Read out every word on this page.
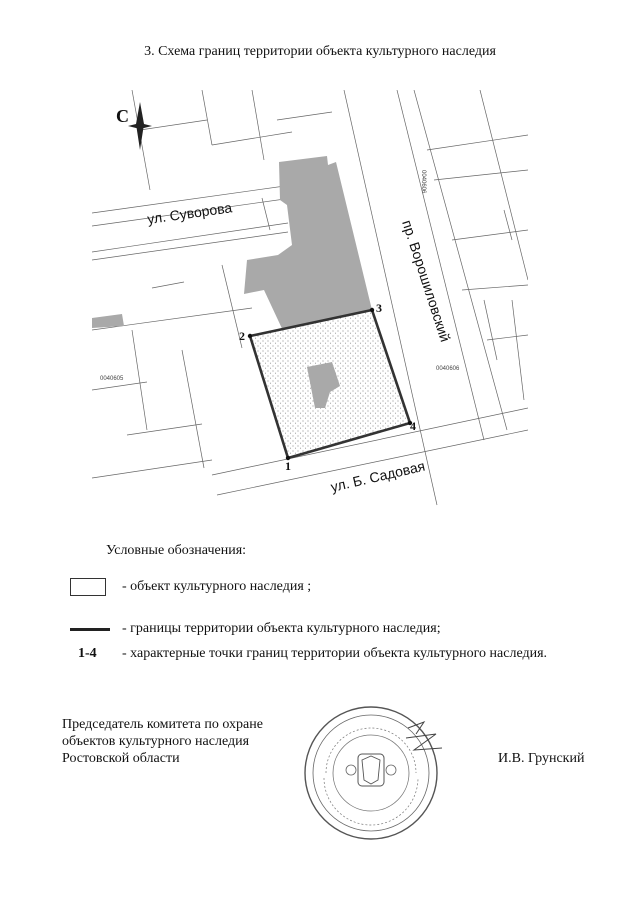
3. Схема границ территории объекта культурного наследия
1
2
3
4
ул. Суворова
пр. Ворошиловский
ул. Б. Садовая
0040606
0040605
0040606
С
Условные обозначения:
- объект культурного наследия ;
- границы территории объекта культурного наследия;
1-4 - характерные точки границ территории объекта культурного наследия.
Председатель комитета по охране
объектов культурного наследия
Ростовской области	И.В. Грунский
